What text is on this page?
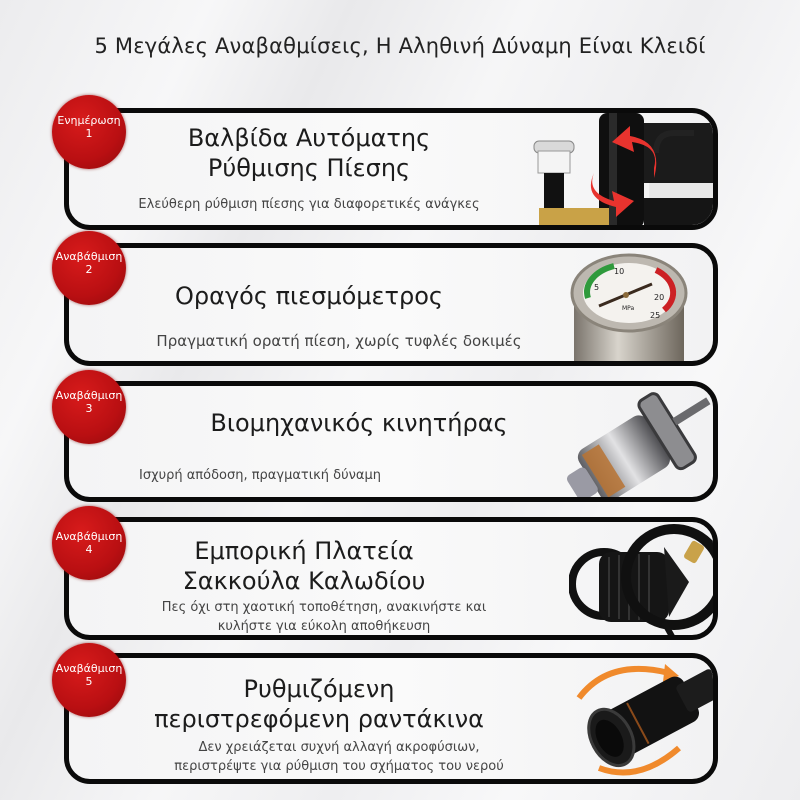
5 Μεγάλες Αναβαθμίσεις, Η Αληθινή Δύναμη Είναι Κλειδί
Βαλβίδα Αυτόματης
Ρύθμισης Πίεσης
Ελεύθερη ρύθμιση πίεσης για διαφορετικές ανάγκες
Ενημέρωση
1
Οραγός πιεσμόμετρος
Πραγματική ορατή πίεση, χωρίς τυφλές δοκιμές
10
5
20
25
MPa
Αναβάθμιση
2
Βιομηχανικός κινητήρας
Ισχυρή απόδοση, πραγματική δύναμη
Αναβάθμιση
3
Εμπορική Πλατεία
Σακκούλα Καλωδίου
Πες όχι στη χαοτική τοποθέτηση, ανακινήστε και
κυλήστε για εύκολη αποθήκευση
Αναβάθμιση 4
Ρυθμιζόμενη
περιστρεφόμενη ραντάκινα
Δεν χρειάζεται συχνή αλλαγή ακροφύσιων,
περιστρέψτε για ρύθμιση του σχήματος του νερού
Αναβάθμιση
5
